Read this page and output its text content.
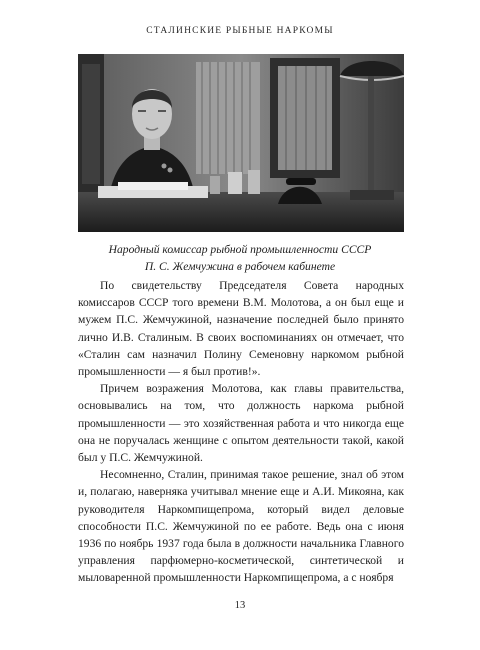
СТАЛИНСКИЕ РЫБНЫЕ НАРКОМЫ
Народный комиссар рыбной промышленности СССР
П. С. Жемчужина в рабочем кабинете

По свидетельству Председателя Совета народных комиссаров СССР того времени В.М. Молотова, а он был еще и мужем П.С. Жемчужиной, назначение последней было принято лично И.В. Сталиным. В своих воспоминаниях он отмечает, что «Сталин сам назначил Полину Семеновну наркомом рыбной промышленности — я был против!».

Причем возражения Молотова, как главы правительства, основывались на том, что должность наркома рыбной промышленности — это хозяйственная работа и что никогда еще она не поручалась женщине с опытом деятельности такой, какой был у П.С. Жемчужиной.

Несомненно, Сталин, принимая такое решение, знал об этом и, полагаю, наверняка учитывал мнение еще и А.И. Микояна, как руководителя Наркомпищепрома, который видел деловые способности П.С. Жемчужиной по ее работе. Ведь она с июня 1936 по ноябрь 1937 года была в должности начальника Главного управления парфюмерно-косметической, синтетической и мыловаренной промышленности Наркомпищепрома, а с ноября

13
